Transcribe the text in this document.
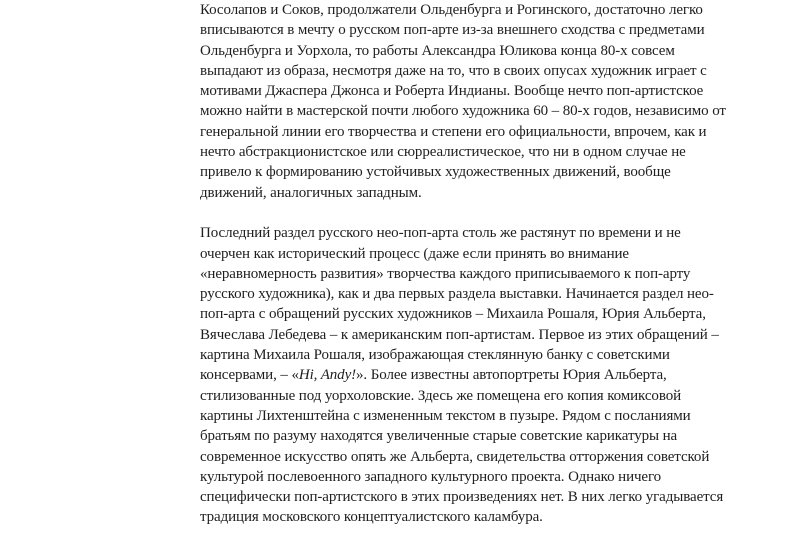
Косолапов и Соков, продолжатели Ольденбурга и Рогинского, достаточно легко
вписываются в мечту о русском поп-арте из-за внешнего сходства с предметами
Ольденбурга и Уорхола, то работы Александра Юликова конца 80-х совсем
выпадают из образа, несмотря даже на то, что в своих опусах художник играет с
мотивами Джаспера Джонса и Роберта Индианы. Вообще нечто поп-артистское
можно найти в мастерской почти любого художника 60 – 80-х годов, независимо от
генеральной линии его творчества и степени его официальности, впрочем, как и
нечто абстракционистское или сюрреалистическое, что ни в одном случае не
привело к формированию устойчивых художественных движений, вообще
движений, аналогичных западным.
Последний раздел русского нео-поп-арта столь же растянут по времени и не
очерчен как исторический процесс (даже если принять во внимание
«неравномерность развития» творчества каждого приписываемого к поп-арту
русского художника), как и два первых раздела выставки. Начинается раздел нео-
поп-арта с обращений русских художников – Михаила Рошаля, Юрия Альберта,
Вячеслава Лебедева – к американским поп-артистам. Первое из этих обращений –
картина Михаила Рошаля, изображающая стеклянную банку с советскими
консервами, – «Hi, Andy!». Более известны автопортреты Юрия Альберта,
стилизованные под уорхоловские. Здесь же помещена его копия комиксовой
картины Лихтенштейна с измененным текстом в пузыре. Рядом с посланиями
братьям по разуму находятся увеличенные старые советские карикатуры на
современное искусство опять же Альберта, свидетельства отторжения советской
культурой послевоенного западного культурного проекта. Однако ничего
специфически поп-артистского в этих произведениях нет. В них легко угадывается
традиция московского концептуалистского каламбура.
